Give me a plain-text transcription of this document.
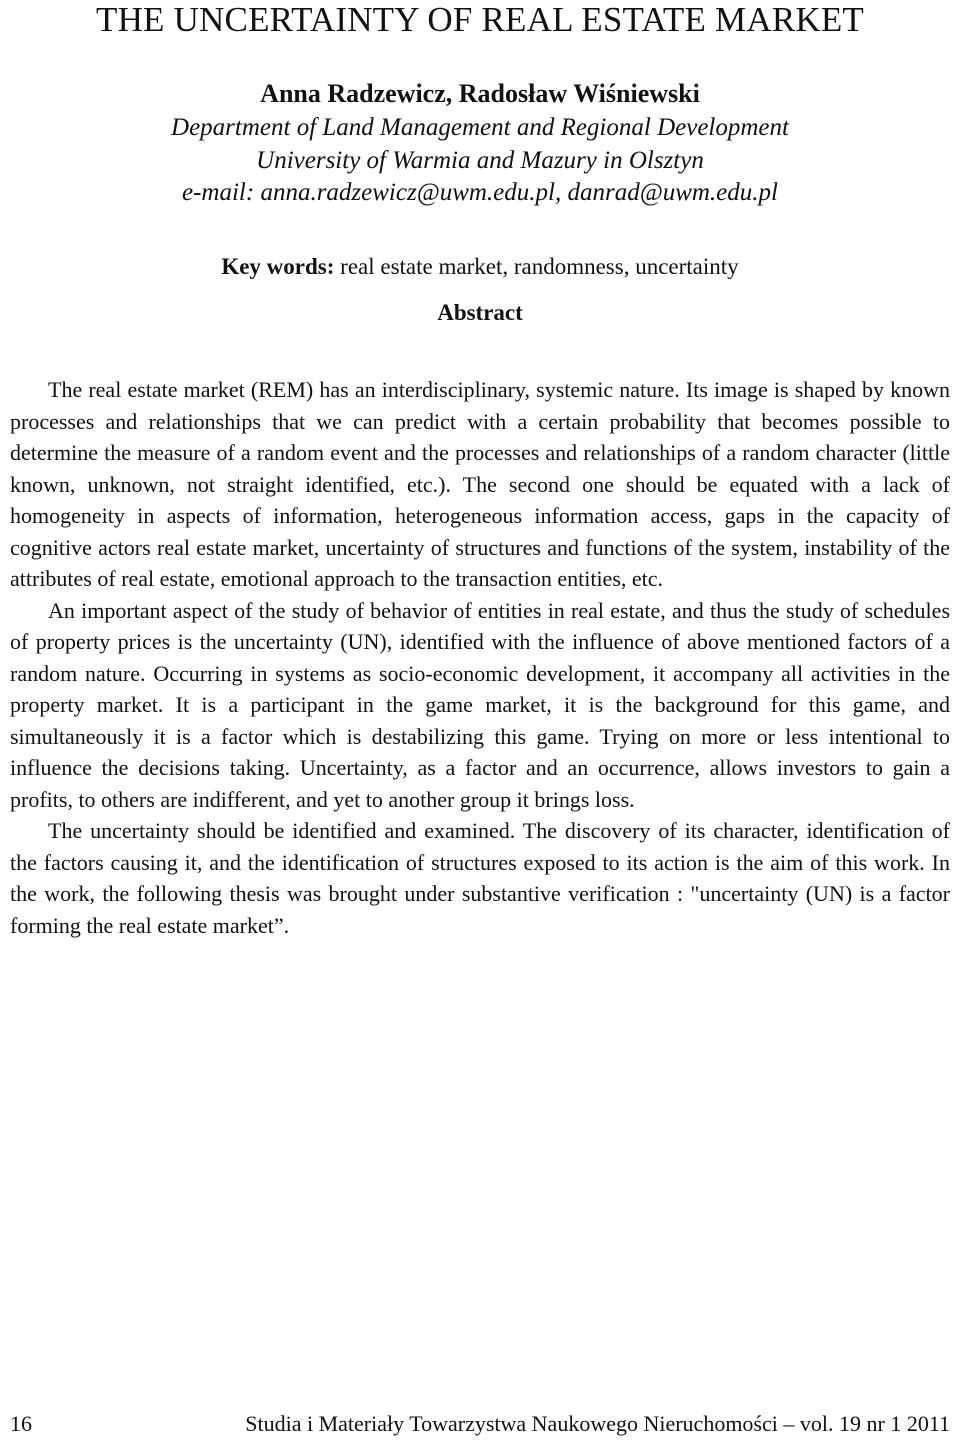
THE UNCERTAINTY OF REAL ESTATE MARKET
Anna Radzewicz, Radosław Wiśniewski
Department of Land Management and Regional Development
University of Warmia and Mazury in Olsztyn
e-mail: anna.radzewicz@uwm.edu.pl, danrad@uwm.edu.pl
Key words: real estate market, randomness, uncertainty
Abstract

The real estate market (REM) has an interdisciplinary, systemic nature. Its image is shaped by known processes and relationships that we can predict with a certain probability that becomes possible to determine the measure of a random event and the processes and relationships of a random character (little known, unknown, not straight identified, etc.). The second one should be equated with a lack of homogeneity in aspects of information, heterogeneous information access, gaps in the capacity of cognitive actors real estate market, uncertainty of structures and functions of the system, instability of the attributes of real estate, emotional approach to the transaction entities, etc.

An important aspect of the study of behavior of entities in real estate, and thus the study of schedules of property prices is the uncertainty (UN), identified with the influence of above mentioned factors of a random nature. Occurring in systems as socio-economic development, it accompany all activities in the property market. It is a participant in the game market, it is the background for this game, and simultaneously it is a factor which is destabilizing this game. Trying on more or less intentional to influence the decisions taking. Uncertainty, as a factor and an occurrence, allows investors to gain a profits, to others are indifferent, and yet to another group it brings loss.

The uncertainty should be identified and examined. The discovery of its character, identification of the factors causing it, and the identification of structures exposed to its action is the aim of this work. In the work, the following thesis was brought under substantive verification : "uncertainty (UN) is a factor forming the real estate market”.

16	Studia i Materiały Towarzystwa Naukowego Nieruchomości – vol. 19 nr 1 2011
